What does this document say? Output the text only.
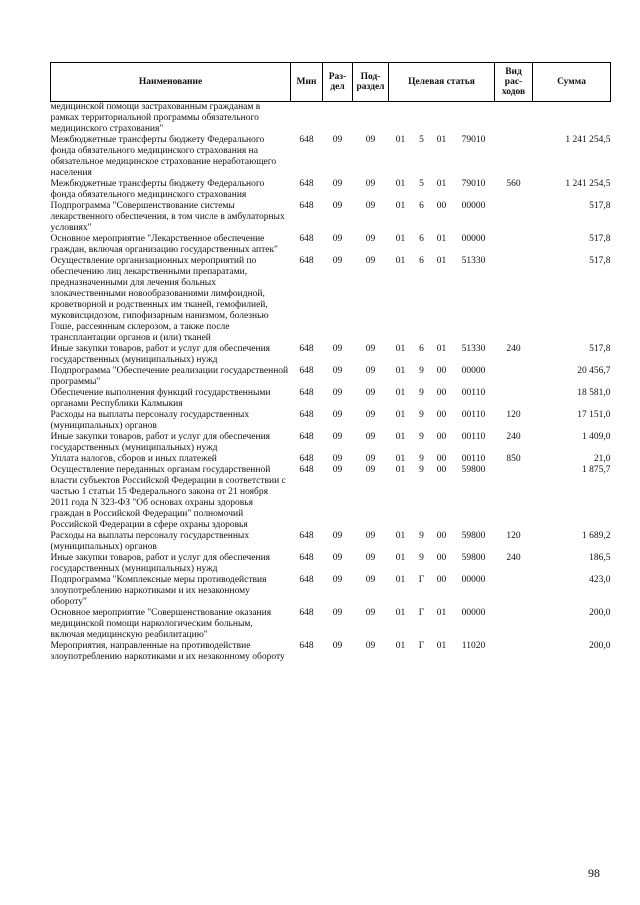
Наименование	Мин	Раз-дел	Под-раздел	Целевая статья				Вид рас-ходов	Сумма
медицинской помощи застрахованным гражданам в рамках территориальной программы обязательного медицинского страхования"									
Межбюджетные трансферты бюджету Федерального фонда обязательного медицинского страхования на обязательное медицинское страхование неработающего населения	648	09	09	01	5	01	79010		1 241 254,5
Межбюджетные трансферты бюджету Федерального фонда обязательного медицинского страхования	648	09	09	01	5	01	79010	560	1 241 254,5
Подпрограмма "Совершенствование системы лекарственного обеспечения, в том числе в амбулаторных условиях"	648	09	09	01	6	00	00000		517,8
Основное мероприятие "Лекарственное обеспечение граждан, включая организацию государственных аптек"	648	09	09	01	6	01	00000		517,8
Осуществление организационных мероприятий по обеспечению лиц лекарственными препаратами, предназначенными для лечения больных злокачественными новообразованиями лимфоидной, кроветворной и родственных им тканей, гемофилией, муковисцидозом, гипофизарным нанизмом, болезнью Гоше, рассеянным склерозом, а также после трансплантации органов и (или) тканей	648	09	09	01	6	01	51330		517,8
Иные закупки товаров, работ и услуг для обеспечения государственных (муниципальных) нужд	648	09	09	01	6	01	51330	240	517,8
Подпрограмма "Обеспечение реализации государственной программы"	648	09	09	01	9	00	00000		20 456,7
Обеспечение выполнения функций государственными органами Республики Калмыкия	648	09	09	01	9	00	00110		18 581,0
Расходы на выплаты персоналу государственных (муниципальных) органов	648	09	09	01	9	00	00110	120	17 151,0
Иные закупки товаров, работ и услуг для обеспечения государственных (муниципальных) нужд	648	09	09	01	9	00	00110	240	1 409,0
Уплата налогов, сборов и иных платежей	648	09	09	01	9	00	00110	850	21,0
Осуществление переданных органам государственной власти субъектов Российской Федерации в соответствии с частью 1 статьи 15 Федерального закона от 21 ноября 2011 года N 323-ФЗ "Об основах охраны здоровья граждан в Российской Федерации" полномочий Российской Федерации в сфере охраны здоровья	648	09	09	01	9	00	59800		1 875,7
Расходы на выплаты персоналу государственных (муниципальных) органов	648	09	09	01	9	00	59800	120	1 689,2
Иные закупки товаров, работ и услуг для обеспечения государственных (муниципальных) нужд	648	09	09	01	9	00	59800	240	186,5
Подпрограмма "Комплексные меры противодействия злоупотреблению наркотиками и их незаконному обороту"	648	09	09	01	Г	00	00000		423,0
Основное мероприятие "Совершенствование оказания медицинской помощи наркологическим больным, включая медицинскую реабилитацию"	648	09	09	01	Г	01	00000		200,0
Мероприятия, направленные на противодействие злоупотреблению наркотиками и их незаконному обороту	648	09	09	01	Г	01	11020		200,0
98
